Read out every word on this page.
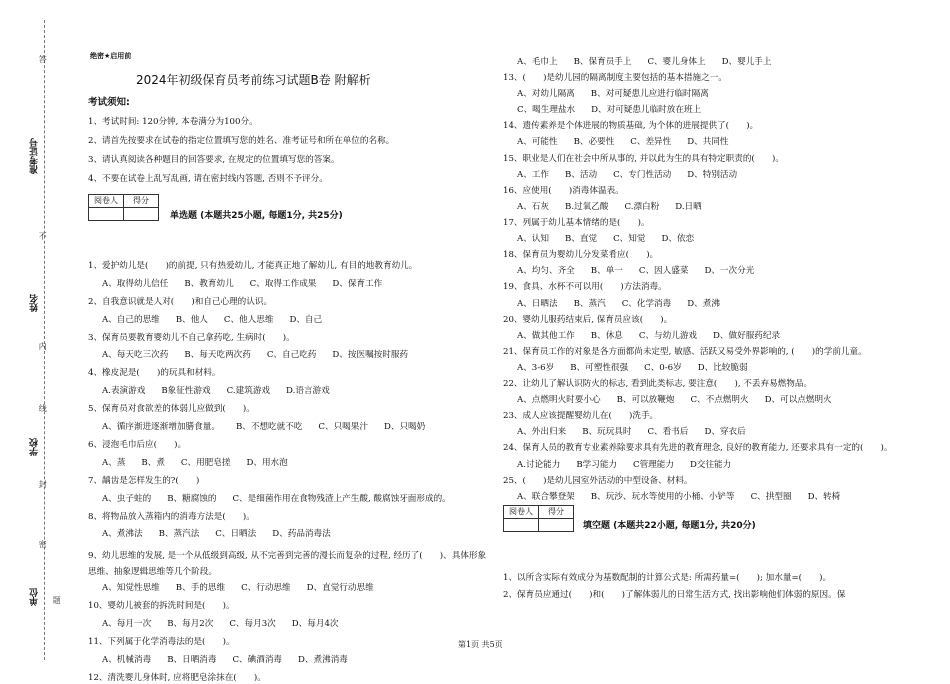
答
不
内
线
封
密
准考证号
姓名
学校
单位 题
绝密★启用前
2024年初级保育员考前练习试题B卷 附解析
考试须知:
1、考试时间: 120分钟, 本卷满分为100分。
2、请首先按要求在试卷的指定位置填写您的姓名、准考证号和所在单位的名称。
3、请认真阅读各种题目的回答要求, 在规定的位置填写您的答案。
4、不要在试卷上乱写乱画, 请在密封线内答题, 否则不予评分。
阅卷人	得分

单选题 (本题共25小题, 每题1分, 共25分)
1、爱护幼儿是(　　)的前提, 只有热爱幼儿, 才能真正地了解幼儿, 有目的地教育幼儿。
A、取得幼儿信任 B、教育幼儿 C、取得工作成果 D、保育工作
2、自我意识就是人对(　　)和自己心理的认识。
A、自己的思维 B、他人 C、他人思维 D、自己
3、保育员要教育婴幼儿不自己拿药吃, 生病时(　　)。
A、每天吃三次药 B、每天吃两次药 C、自己吃药 D、按医嘱按时服药
4、橡皮泥是(　　)的玩具和材料。
A.表演游戏 B象征性游戏 C.建筑游戏 D.语言游戏
5、保育员对食欲差的体弱儿应做到(　　)。
A、循序渐进逐渐增加膳食量。 B、不想吃就不吃 C、只喝果汁 D、只喝奶
6、浸泡毛巾后应(　　)。
A、蒸 B、煮 C、用肥皂搓 D、用水泡
7、龋齿是怎样发生的?(　　)
A、虫子蛀的 B、糖腐蚀的 C、是细菌作用在食物残渣上产生酸, 酸腐蚀牙面形成的。
8、将物品放入蒸箱内的消毒方法是(　　)。
A、煮沸法 B、蒸汽法 C、日晒法 D、药品消毒法
9、幼儿思维的发展, 是一个从低级到高级, 从不完善到完善的漫长而复杂的过程, 经历了(　　)、具体形象思维、抽象逻辑思维等几个阶段。
A、知觉性思维 B、手的思维 C、行动思维 D、直觉行动思维
10、婴幼儿被套的拆洗时间是(　　)。
A、每月一次 B、每月2次 C、每月3次 D、每月4次
11、下列属于化学消毒法的是(　　)。
A、机械消毒 B、日晒消毒 C、碘酒消毒 D、煮沸消毒
12、清洗婴儿身体时, 应将肥皂涂抹在(　　)。
A、毛巾上 B、保育员手上 C、婴儿身体上 D、婴儿手上
13、(　　)是幼儿园的隔离制度主要包括的基本措施之一。
A、对幼儿隔离 B、对可疑患儿应进行临时隔离
C、喝生理盐水 D、对可疑患儿临时放在班上
14、遗传素养是个体进展的物质基础, 为个体的进展提供了(　　)。
A、可能性 B、必要性 C、差异性 D、共同性
15、职业是人们在社会中所从事的, 并以此为生的具有特定职责的(　　)。
A、工作 B、活动 C、专门性活动 D、特别活动
16、应使用(　　)消毒体温表。
A、石灰 B.过氧乙酸 C.漂白粉 D.日晒
17、列属于幼儿基本情绪的是(　　)。
A、认知 B、直觉 C、知觉 D、依恋
18、保育员为婴幼儿分发菜肴应(　　)。
A、均匀、齐全 B、单一 C、因人盛菜 D、一次分光
19、食具、水杯不可以用(　　)方法消毒。
A、日晒法 B、蒸汽 C、化学消毒 D、煮沸
20、婴幼儿服药结束后, 保育员应该(　　)。
A、做其他工作 B、休息 C、与幼儿游戏 D、做好服药纪录
21、保育员工作的对象是各方面都尚未定型, 敏感、活跃又易受外界影响的, (　　)的学前儿童。
A、3-6岁 B、可塑性很强 C、0-6岁 D、比较脆弱
22、让幼儿了解认识防火的标志, 看到此类标志, 要注意(　　), 不丢弃易燃物品。
A、点燃明火时要小心 B、可以放鞭炮 C、不点燃明火 D、可以点燃明火
23、成人应该提醒婴幼儿在(　　)洗手。
A、外出归来 B、玩玩具时 C、看书后 D、穿衣后
24、保育人员的教育专业素养除要求具有先进的教育理念, 良好的教育能力, 还要求具有一定的(　　)。
A.讨论能力 B学习能力 C管理能力 D交往能力
25、(　　)是幼儿园室外活动的中型设备、材料。
A、联合攀登架 B、玩沙、玩水等使用的小桶、小铲等 C、拱型圈 D、转椅
阅卷人	得分

填空题 (本题共22小题, 每题1分, 共20分)
1、以所含实际有效成分为基数配制的计算公式是: 所需药量=(　　); 加水量=(　　)。
2、保育员应通过(　　)和(　　)了解体弱儿的日常生活方式, 找出影响他们体弱的原因。保
第1页 共5页
